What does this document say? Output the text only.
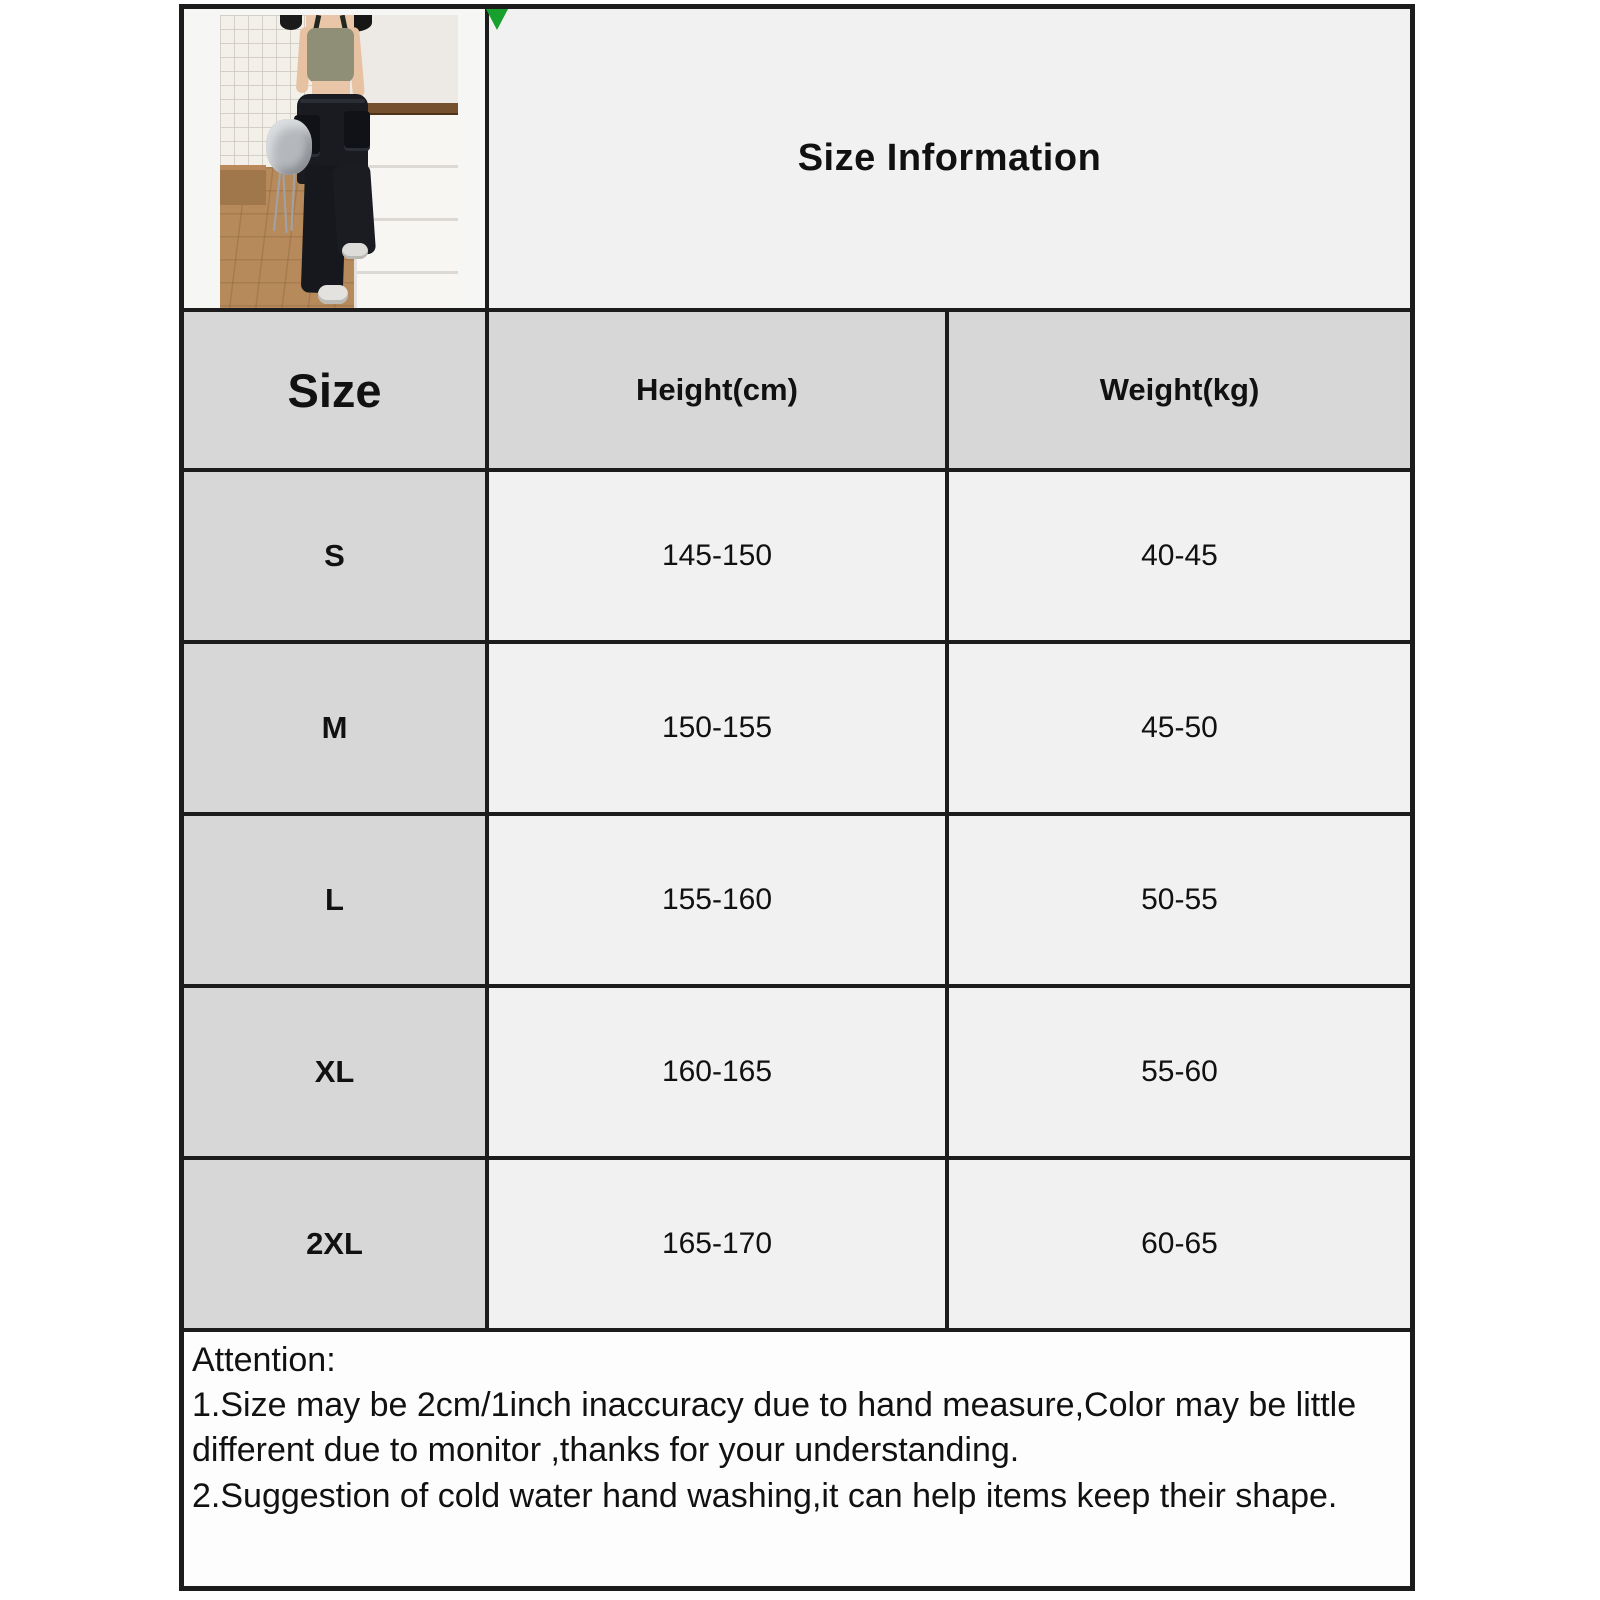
Size Information
Size	Height(cm)	Weight(kg)
S	145-150	40-45
M	150-155	45-50
L	155-160	50-55
XL	160-165	55-60
2XL	165-170	60-65

Attention:

1.Size may be 2cm/1inch inaccuracy due to hand measure,Color may be little different due to monitor ,thanks for your understanding.

2.Suggestion of cold water hand washing,it can help items keep their shape.
